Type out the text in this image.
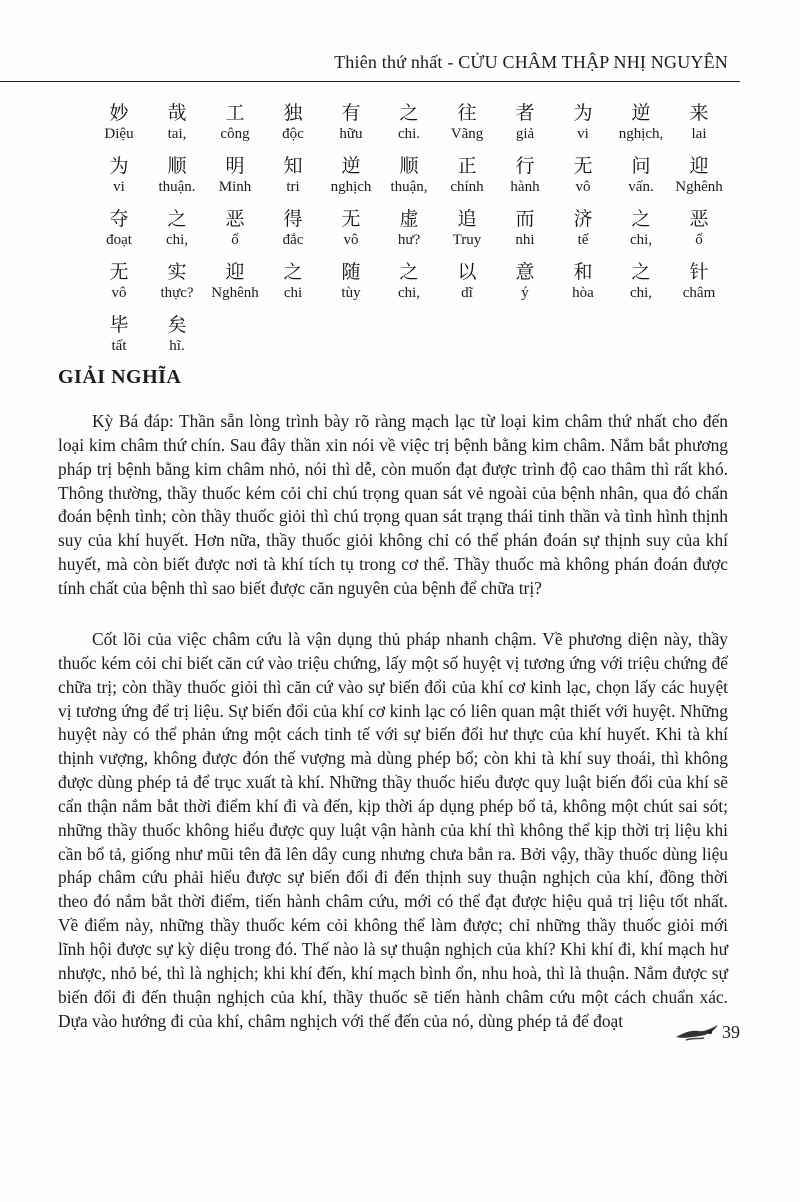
Thiên thứ nhất - CỬU CHÂM THẬP NHỊ NGUYÊN
妙
Diệu
哉
tai,
工
công
独
độc
有
hữu
之
chi.
往
Vãng
者
giả
为
vi
逆
nghịch,
来
lai
为
vi
顺
thuận.
明
Minh
知
tri
逆
nghịch
顺
thuận,
正
chính
行
hành
无
vô
问
vấn.
迎
Nghênh
夺
đoạt
之
chi,
恶
ố
得
đắc
无
vô
虚
hư?
追
Truy
而
nhi
济
tế
之
chi,
恶
ố
无
vô
实
thực?
迎
Nghênh
之
chi
随
tùy
之
chi,
以
dĩ
意
ý
和
hòa
之
chi,
针
châm
毕
tất
矣
hĩ.
GIẢI NGHĨA

Kỳ Bá đáp: Thần sẵn lòng trình bày rõ ràng mạch lạc từ loại kim châm thứ nhất cho đến loại kim châm thứ chín. Sau đây thần xin nói về việc trị bệnh bằng kim châm. Nắm bắt phương pháp trị bệnh bằng kim châm nhỏ, nói thì dễ, còn muốn đạt được trình độ cao thâm thì rất khó. Thông thường, thầy thuốc kém cỏi chỉ chú trọng quan sát vẻ ngoài của bệnh nhân, qua đó chẩn đoán bệnh tình; còn thầy thuốc giỏi thì chú trọng quan sát trạng thái tinh thần và tình hình thịnh suy của khí huyết. Hơn nữa, thầy thuốc giỏi không chỉ có thể phán đoán sự thịnh suy của khí huyết, mà còn biết được nơi tà khí tích tụ trong cơ thể. Thầy thuốc mà không phán đoán được tính chất của bệnh thì sao biết được căn nguyên của bệnh để chữa trị?

Cốt lõi của việc châm cứu là vận dụng thủ pháp nhanh chậm. Về phương diện này, thầy thuốc kém cỏi chỉ biết căn cứ vào triệu chứng, lấy một số huyệt vị tương ứng với triệu chứng để chữa trị; còn thầy thuốc giỏi thì căn cứ vào sự biến đổi của khí cơ kinh lạc, chọn lấy các huyệt vị tương ứng để trị liệu. Sự biến đổi của khí cơ kinh lạc có liên quan mật thiết với huyệt. Những huyệt này có thể phản ứng một cách tinh tế với sự biến đổi hư thực của khí huyết. Khi tà khí thịnh vượng, không được đón thế vượng mà dùng phép bổ; còn khi tà khí suy thoái, thì không được dùng phép tả để trục xuất tà khí. Những thầy thuốc hiểu được quy luật biến đổi của khí sẽ cẩn thận nắm bắt thời điểm khí đi và đến, kịp thời áp dụng phép bổ tả, không một chút sai sót; những thầy thuốc không hiểu được quy luật vận hành của khí thì không thể kịp thời trị liệu khi cần bổ tả, giống như mũi tên đã lên dây cung nhưng chưa bắn ra. Bởi vậy, thầy thuốc dùng liệu pháp châm cứu phải hiểu được sự biến đổi đi đến thịnh suy thuận nghịch của khí, đồng thời theo đó nắm bắt thời điểm, tiến hành châm cứu, mới có thể đạt được hiệu quả trị liệu tốt nhất. Về điểm này, những thầy thuốc kém cỏi không thể làm được; chỉ những thầy thuốc giỏi mới lĩnh hội được sự kỳ diệu trong đó. Thế nào là sự thuận nghịch của khí? Khi khí đi, khí mạch hư nhược, nhỏ bé, thì là nghịch; khi khí đến, khí mạch bình ổn, nhu hoà, thì là thuận. Nắm được sự biến đổi đi đến thuận nghịch của khí, thầy thuốc sẽ tiến hành châm cứu một cách chuẩn xác. Dựa vào hướng đi của khí, châm nghịch với thế đến của nó, dùng phép tả để đoạt

39
